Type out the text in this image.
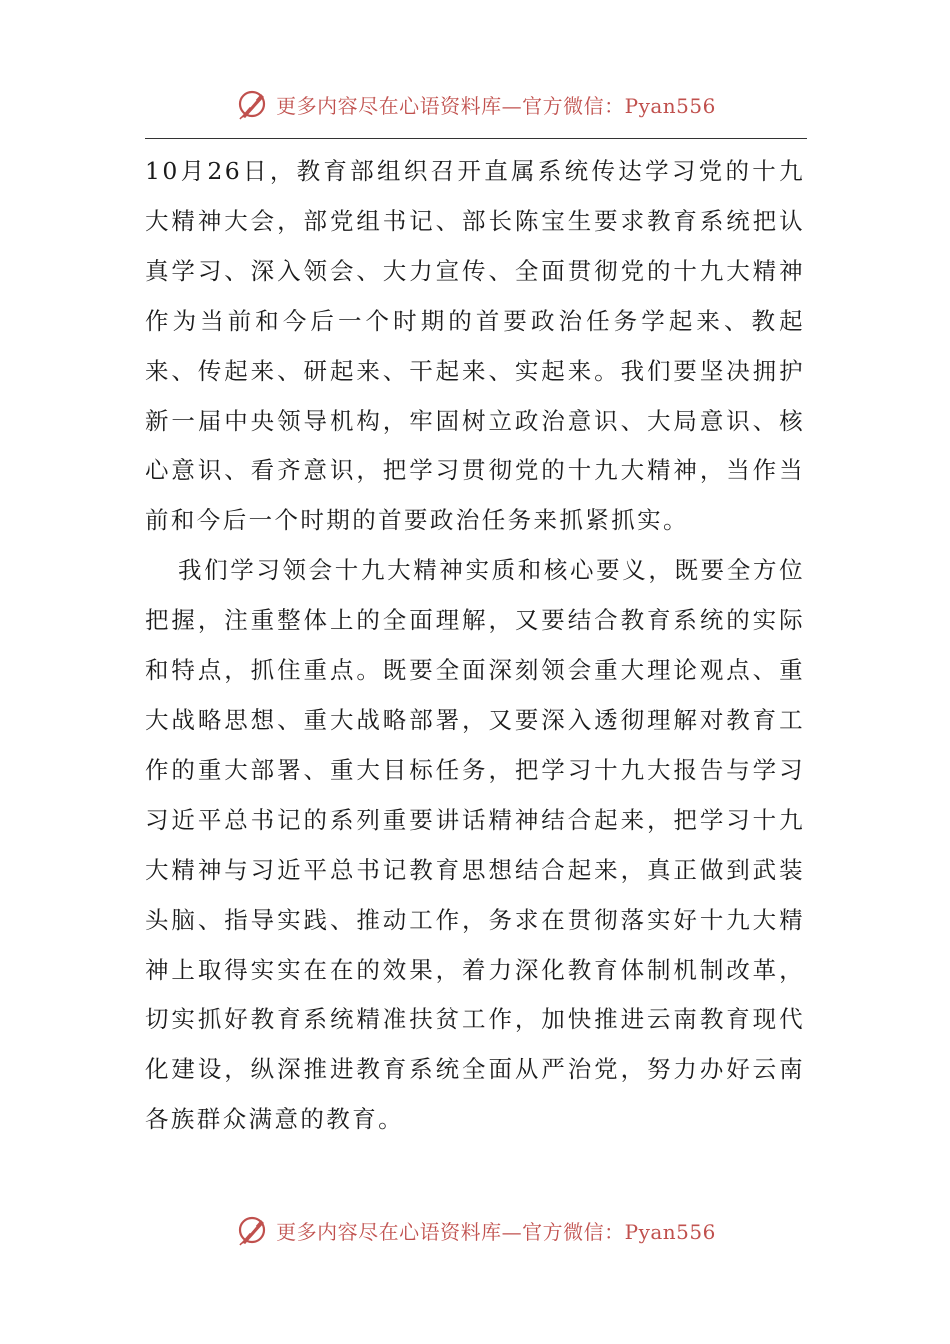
更多内容尽在心语资料库—官方微信：Pyan556

10月26日，教育部组织召开直属系统传达学习党的十九大精神大会，部党组书记、部长陈宝生要求教育系统把认真学习、深入领会、大力宣传、全面贯彻党的十九大精神作为当前和今后一个时期的首要政治任务学起来、教起来、传起来、研起来、干起来、实起来。我们要坚决拥护新一届中央领导机构，牢固树立政治意识、大局意识、核心意识、看齐意识，把学习贯彻党的十九大精神，当作当前和今后一个时期的首要政治任务来抓紧抓实。

我们学习领会十九大精神实质和核心要义，既要全方位把握，注重整体上的全面理解，又要结合教育系统的实际和特点，抓住重点。既要全面深刻领会重大理论观点、重大战略思想、重大战略部署，又要深入透彻理解对教育工作的重大部署、重大目标任务，把学习十九大报告与学习习近平总书记的系列重要讲话精神结合起来，把学习十九大精神与习近平总书记教育思想结合起来，真正做到武装头脑、指导实践、推动工作，务求在贯彻落实好十九大精神上取得实实在在的效果，着力深化教育体制机制改革，切实抓好教育系统精准扶贫工作，加快推进云南教育现代化建设，纵深推进教育系统全面从严治党，努力办好云南各族群众满意的教育。

更多内容尽在心语资料库—官方微信：Pyan556
